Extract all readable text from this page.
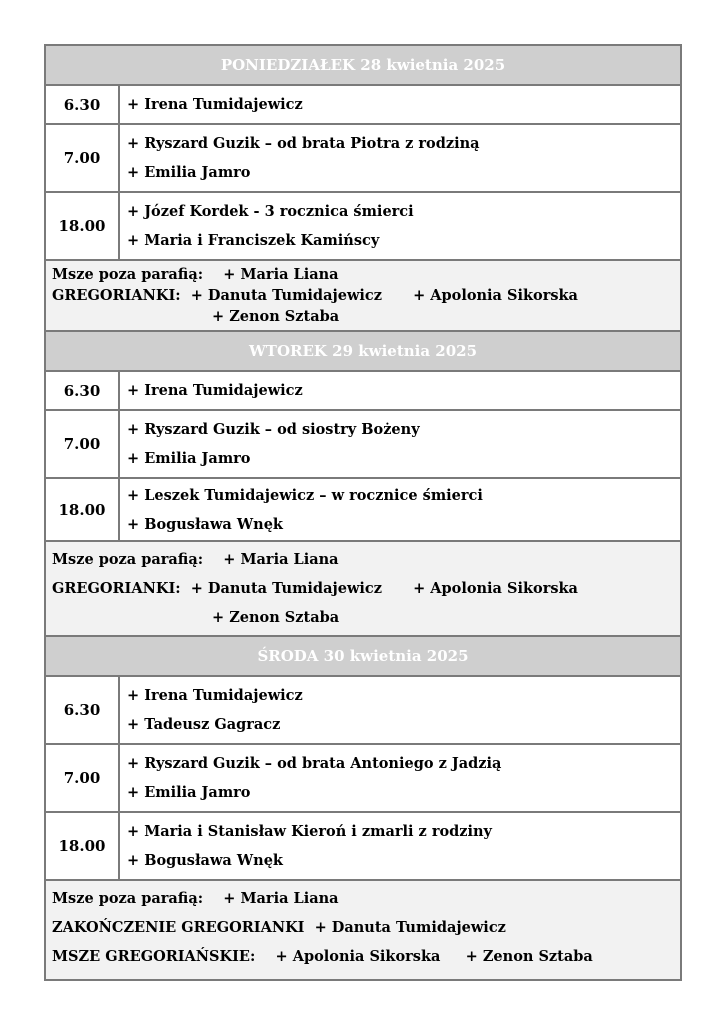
PONIEDZIAŁEK 28 kwietnia 2025
6.30	+ Irena Tumidajewicz
7.00
+ Ryszard Guzik – od brata Piotra z rodziną
+ Emilia Jamro
18.00
+ Józef Kordek - 3 rocznica śmierci
+ Maria i Franciszek Kamińscy
Msze poza parafią: + Maria Liana
GREGORIANKI: + Danuta Tumidajewicz + Apolonia Sikorska
+ Zenon Sztaba
WTOREK 29 kwietnia 2025
6.30	+ Irena Tumidajewicz
7.00
+ Ryszard Guzik – od siostry Bożeny
+ Emilia Jamro
18.00
+ Leszek Tumidajewicz – w rocznice śmierci
+ Bogusława Wnęk
Msze poza parafią: + Maria Liana
GREGORIANKI: + Danuta Tumidajewicz + Apolonia Sikorska
+ Zenon Sztaba
ŚRODA 30 kwietnia 2025
6.30
+ Irena Tumidajewicz
+ Tadeusz Gagracz
7.00
+ Ryszard Guzik – od brata Antoniego z Jadzią
+ Emilia Jamro
18.00
+ Maria i Stanisław Kieroń i zmarli z rodziny
+ Bogusława Wnęk
Msze poza parafią: + Maria Liana
ZAKOŃCZENIE GREGORIANKI + Danuta Tumidajewicz
MSZE GREGORIAŃSKIE: + Apolonia Sikorska + Zenon Sztaba
